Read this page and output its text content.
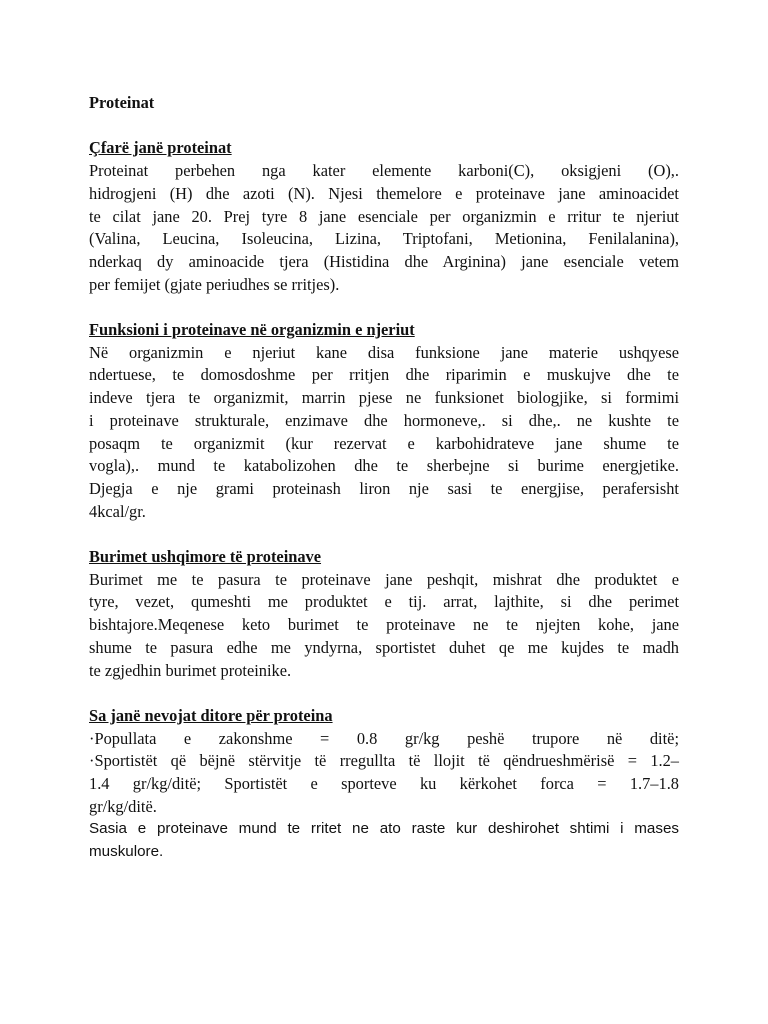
Proteinat

Çfarë janë proteinat

Proteinat perbehen nga kater elemente karboni(C), oksigjeni (O),.
hidrogjeni (H) dhe azoti (N). Njesi themelore e proteinave jane aminoacidet
te cilat jane 20. Prej tyre 8 jane esenciale per organizmin e rritur te njeriut
(Valina, Leucina, Isoleucina, Lizina, Triptofani, Metionina, Fenilalanina),
nderkaq dy aminoacide tjera (Histidina dhe Arginina) jane esenciale vetem
per femijet (gjate periudhes se rritjes).

Funksioni i proteinave në organizmin e njeriut

Në organizmin e njeriut kane disa funksione jane materie ushqyese
ndertuese, te domosdoshme per rritjen dhe riparimin e muskujve dhe te
indeve tjera te organizmit, marrin pjese ne funksionet biologjike, si formimi
i proteinave strukturale, enzimave dhe hormoneve,. si dhe,. ne kushte te
posaqm te organizmit (kur rezervat e karbohidrateve jane shume te
vogla),. mund te katabolizohen dhe te sherbejne si burime energjetike.
Djegja e nje grami proteinash liron nje sasi te energjise, perafersisht
4kcal/gr.

Burimet ushqimore të proteinave

Burimet me te pasura te proteinave jane peshqit, mishrat dhe produktet e
tyre, vezet, qumeshti me produktet e tij. arrat, lajthite, si dhe perimet
bishtajore.Meqenese keto burimet te proteinave ne te njejten kohe, jane
shume te pasura edhe me yndyrna, sportistet duhet qe me kujdes te madh
te zgjedhin burimet proteinike.

Sa janë nevojat ditore për proteina

·Popullata e zakonshme = 0.8 gr/kg peshë trupore në ditë;
·Sportistët që bëjnë stërvitje të rregullta të llojit të qëndrueshmërisë = 1.2–
1.4 gr/kg/ditë; Sportistët e sporteve ku kërkohet forca = 1.7–1.8
gr/kg/ditë.
Sasia e proteinave mund te rritet ne ato raste kur deshirohet shtimi i mases
muskulore.
